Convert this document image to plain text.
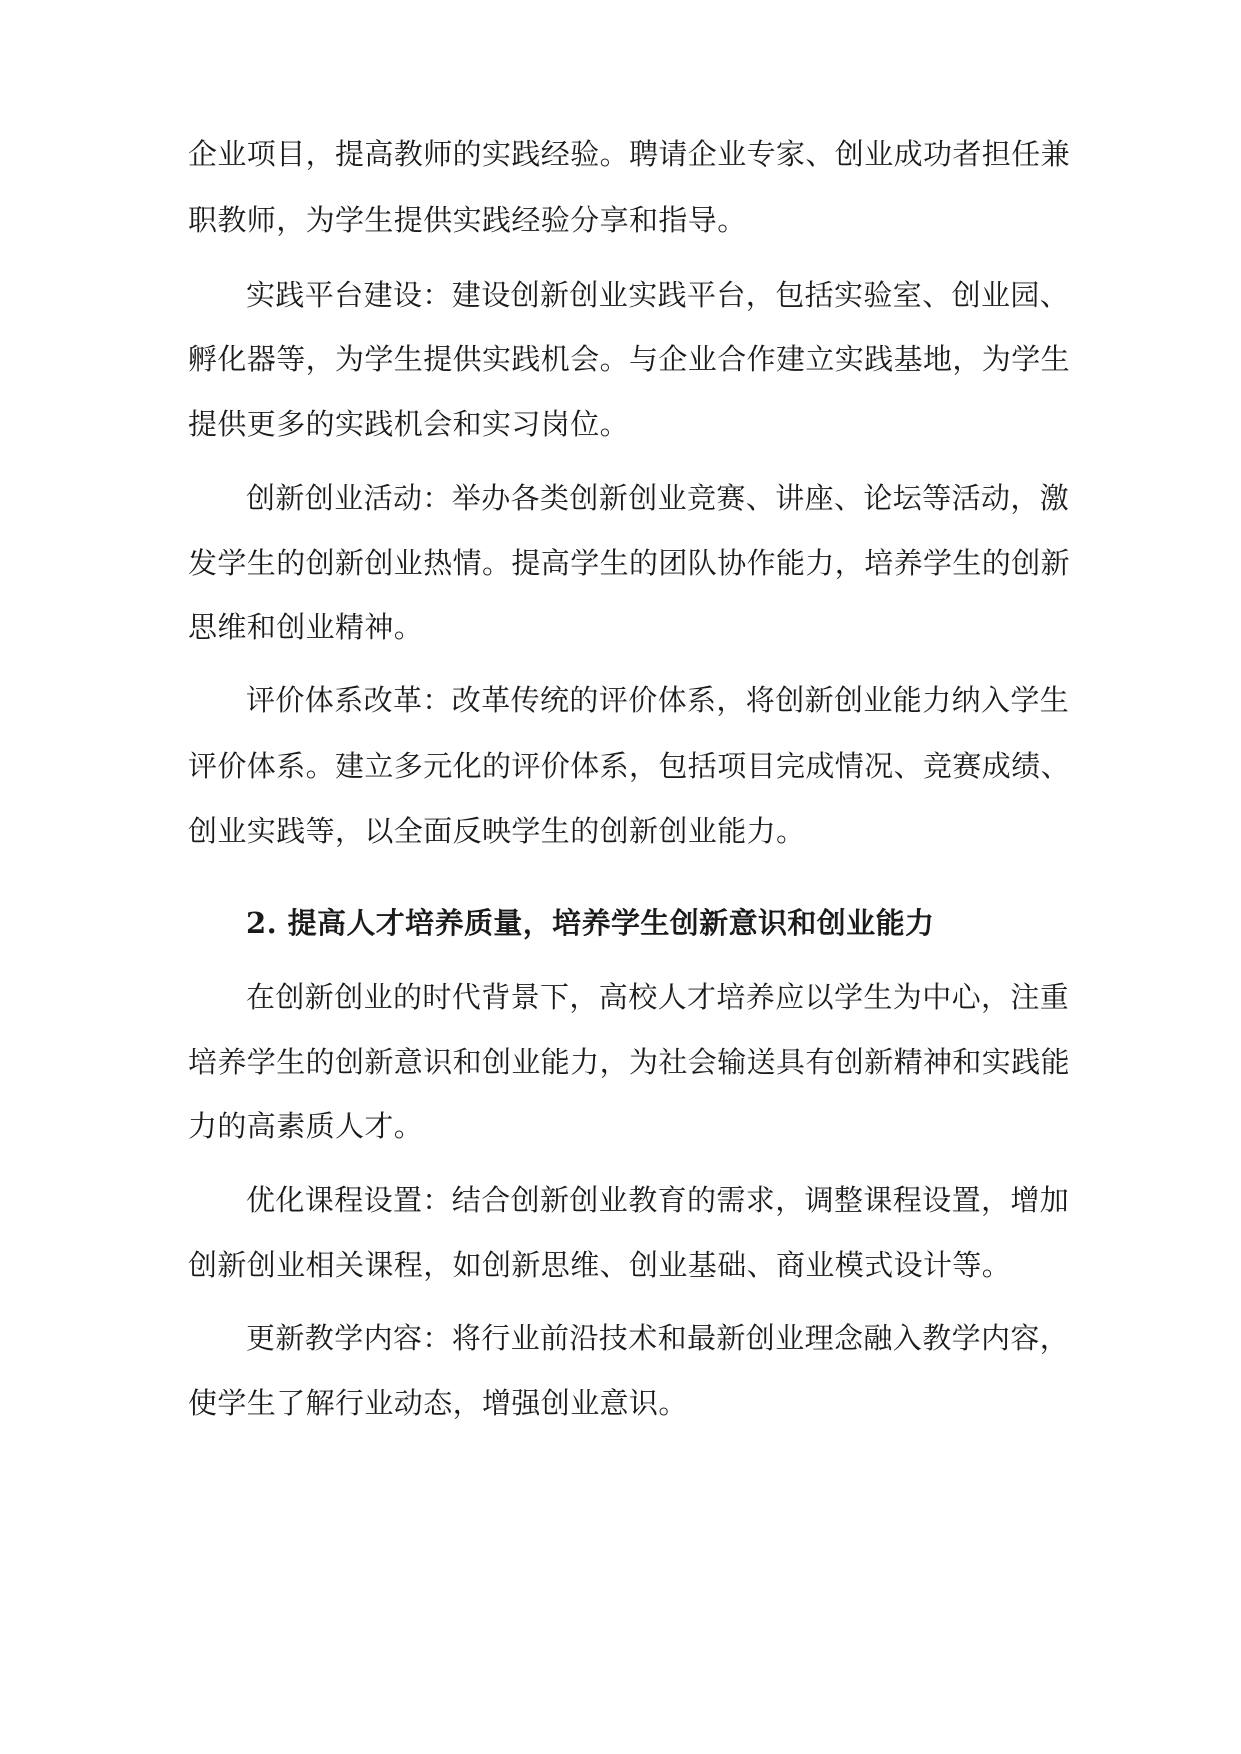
企业项目，提高教师的实践经验。聘请企业专家、创业成功者担任兼
职教师，为学生提供实践经验分享和指导。
实践平台建设：建设创新创业实践平台，包括实验室、创业园、
孵化器等，为学生提供实践机会。与企业合作建立实践基地，为学生
提供更多的实践机会和实习岗位。
创新创业活动：举办各类创新创业竞赛、讲座、论坛等活动，激
发学生的创新创业热情。提高学生的团队协作能力，培养学生的创新
思维和创业精神。
评价体系改革：改革传统的评价体系，将创新创业能力纳入学生
评价体系。建立多元化的评价体系，包括项目完成情况、竞赛成绩、
创业实践等，以全面反映学生的创新创业能力。
2. 提高人才培养质量，培养学生创新意识和创业能力
在创新创业的时代背景下，高校人才培养应以学生为中心，注重
培养学生的创新意识和创业能力，为社会输送具有创新精神和实践能
力的高素质人才。
优化课程设置：结合创新创业教育的需求，调整课程设置，增加
创新创业相关课程，如创新思维、创业基础、商业模式设计等。
更新教学内容：将行业前沿技术和最新创业理念融入教学内容，
使学生了解行业动态，增强创业意识。
